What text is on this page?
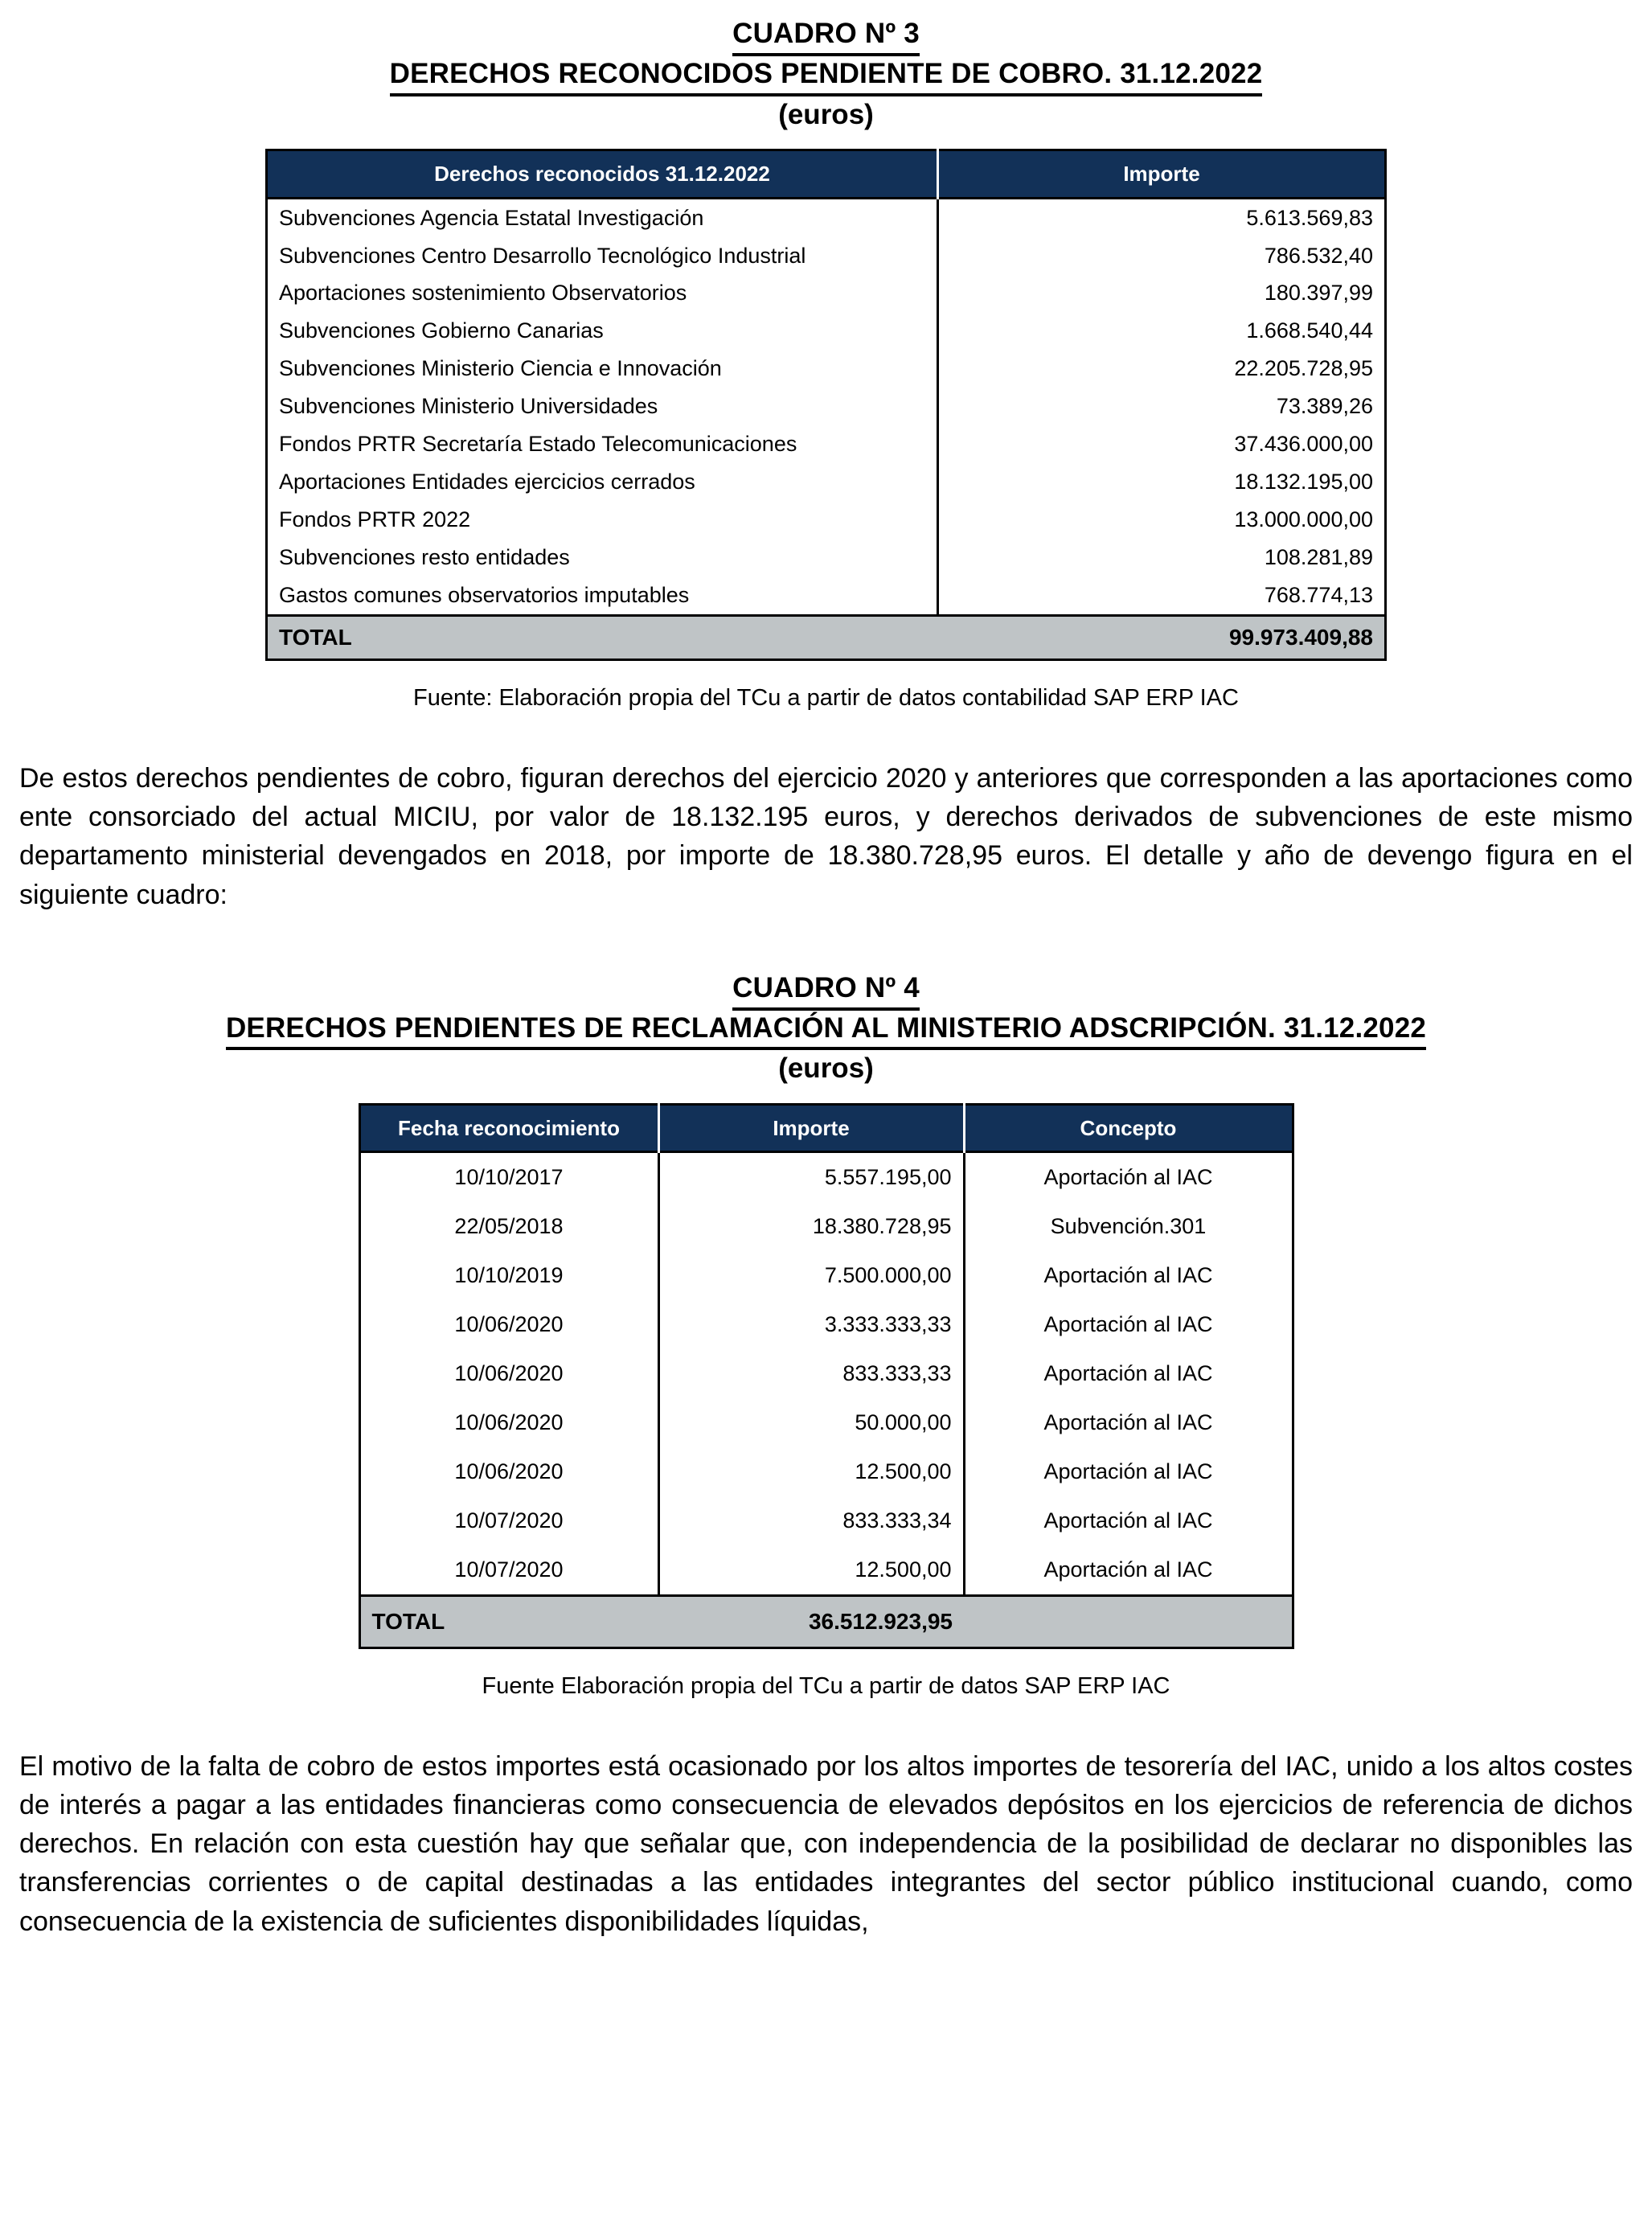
CUADRO Nº 3
DERECHOS RECONOCIDOS PENDIENTE DE COBRO. 31.12.2022
(euros)
Derechos reconocidos 31.12.2022	Importe
Subvenciones Agencia Estatal Investigación	5.613.569,83
Subvenciones Centro Desarrollo Tecnológico Industrial	786.532,40
Aportaciones sostenimiento Observatorios	180.397,99
Subvenciones Gobierno Canarias	1.668.540,44
Subvenciones Ministerio Ciencia e Innovación	22.205.728,95
Subvenciones Ministerio Universidades	73.389,26
Fondos PRTR Secretaría Estado Telecomunicaciones	37.436.000,00
Aportaciones Entidades ejercicios cerrados	18.132.195,00
Fondos PRTR 2022	13.000.000,00
Subvenciones resto entidades	108.281,89
Gastos comunes observatorios imputables	768.774,13
TOTAL	99.973.409,88
Fuente: Elaboración propia del TCu a partir de datos contabilidad SAP ERP IAC

De estos derechos pendientes de cobro, figuran derechos del ejercicio 2020 y anteriores que corresponden a las aportaciones como ente consorciado del actual MICIU, por valor de 18.132.195 euros, y derechos derivados de subvenciones de este mismo departamento ministerial devengados en 2018, por importe de 18.380.728,95 euros. El detalle y año de devengo figura en el siguiente cuadro:

CUADRO Nº 4
DERECHOS PENDIENTES DE RECLAMACIÓN AL MINISTERIO ADSCRIPCIÓN. 31.12.2022
(euros)
Fecha reconocimiento	Importe	Concepto
10/10/2017	5.557.195,00	Aportación al IAC
22/05/2018	18.380.728,95	Subvención.301
10/10/2019	7.500.000,00	Aportación al IAC
10/06/2020	3.333.333,33	Aportación al IAC
10/06/2020	833.333,33	Aportación al IAC
10/06/2020	50.000,00	Aportación al IAC
10/06/2020	12.500,00	Aportación al IAC
10/07/2020	833.333,34	Aportación al IAC
10/07/2020	12.500,00	Aportación al IAC
TOTAL	36.512.923,95	
Fuente Elaboración propia del TCu a partir de datos SAP ERP IAC

El motivo de la falta de cobro de estos importes está ocasionado por los altos importes de tesorería del IAC, unido a los altos costes de interés a pagar a las entidades financieras como consecuencia de elevados depósitos en los ejercicios de referencia de dichos derechos. En relación con esta cuestión hay que señalar que, con independencia de la posibilidad de declarar no disponibles las transferencias corrientes o de capital destinadas a las entidades integrantes del sector público institucional cuando, como consecuencia de la existencia de suficientes disponibilidades líquidas,
